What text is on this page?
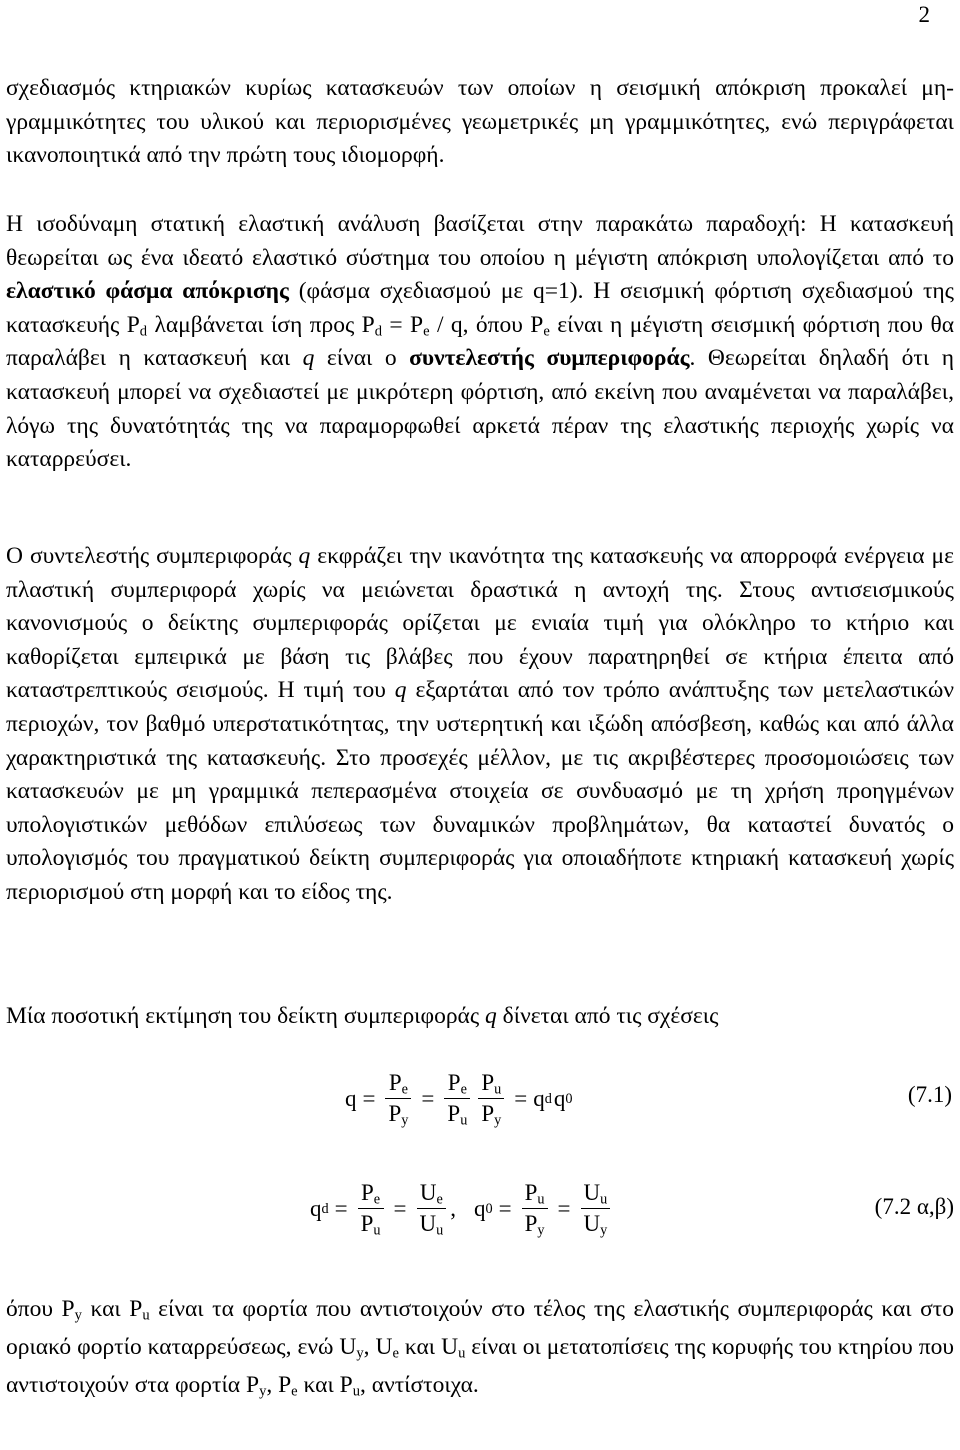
2

σχεδιασμός κτηριακών κυρίως κατασκευών των οποίων η σεισμική απόκριση προκαλεί μη-γραμμικότητες του υλικού και περιορισμένες γεωμετρικές μη γραμμικότητες, ενώ περιγράφεται ικανοποιητικά από την πρώτη τους ιδιομορφή.

Η ισοδύναμη στατική ελαστική ανάλυση βασίζεται στην παρακάτω παραδοχή: Η κατασκευή θεωρείται ως ένα ιδεατό ελαστικό σύστημα του οποίου η μέγιστη απόκριση υπολογίζεται από το ελαστικό φάσμα απόκρισης (φάσμα σχεδιασμού με q=1). Η σεισμική φόρτιση σχεδιασμού της κατασκευής $P_d$ λαμβάνεται ίση προς $P_d = P_e / q$, όπου $P_e$ είναι η μέγιστη σεισμική φόρτιση που θα παραλάβει η κατασκευή και q είναι ο συντελεστής συμπεριφοράς. Θεωρείται δηλαδή ότι η κατασκευή μπορεί να σχεδιαστεί με μικρότερη φόρτιση, από εκείνη που αναμένεται να παραλάβει, λόγω της δυνατότητάς της να παραμορφωθεί αρκετά πέραν της ελαστικής περιοχής χωρίς να καταρρεύσει.

Ο συντελεστής συμπεριφοράς q εκφράζει την ικανότητα της κατασκευής να απορροφά ενέργεια με πλαστική συμπεριφορά χωρίς να μειώνεται δραστικά η αντοχή της. Στους αντισεισμικούς κανονισμούς ο δείκτης συμπεριφοράς ορίζεται με ενιαία τιμή για ολόκληρο το κτήριο και καθορίζεται εμπειρικά με βάση τις βλάβες που έχουν παρατηρηθεί σε κτήρια έπειτα από καταστρεπτικούς σεισμούς. Η τιμή του q εξαρτάται από τον τρόπο ανάπτυξης των μετελαστικών περιοχών, τον βαθμό υπερστατικότητας, την υστερητική και ιξώδη απόσβεση, καθώς και από άλλα χαρακτηριστικά της κατασκευής. Στο προσεχές μέλλον, με τις ακριβέστερες προσομοιώσεις των κατασκευών με μη γραμμικά πεπερασμένα στοιχεία σε συνδυασμό με τη χρήση προηγμένων υπολογιστικών μεθόδων επιλύσεως των δυναμικών προβλημάτων, θα καταστεί δυνατός ο υπολογισμός του πραγματικού δείκτη συμπεριφοράς για οποιαδήποτε κτηριακή κατασκευή χωρίς περιορισμού στη μορφή και το είδος της.

Μία ποσοτική εκτίμηση του δείκτη συμπεριφοράς q δίνεται από τις σχέσεις

$q = \frac{P_e}{P_y} = \frac{P_e}{P_u} \frac{P_u}{P_y} = q$ d q 0	(7.1)
q $d = \frac{P_e}{P_u} = \frac{U_e}{U_u}$ , q $0 = \frac{P_u}{P_y} = \frac{U_u}{U_y}$	(7.2 α,β)

όπου $P_y$ και $P_u$ είναι τα φορτία που αντιστοιχούν στο τέλος της ελαστικής συμπεριφοράς και στο οριακό φορτίο καταρρεύσεως, ενώ $U_y$, $U_e$ και $U_u$ είναι οι μετατοπίσεις της κορυφής του κτηρίου που αντιστοιχούν στα φορτία $P_y$, $P_e$ και $P_u$, αντίστοιχα.
